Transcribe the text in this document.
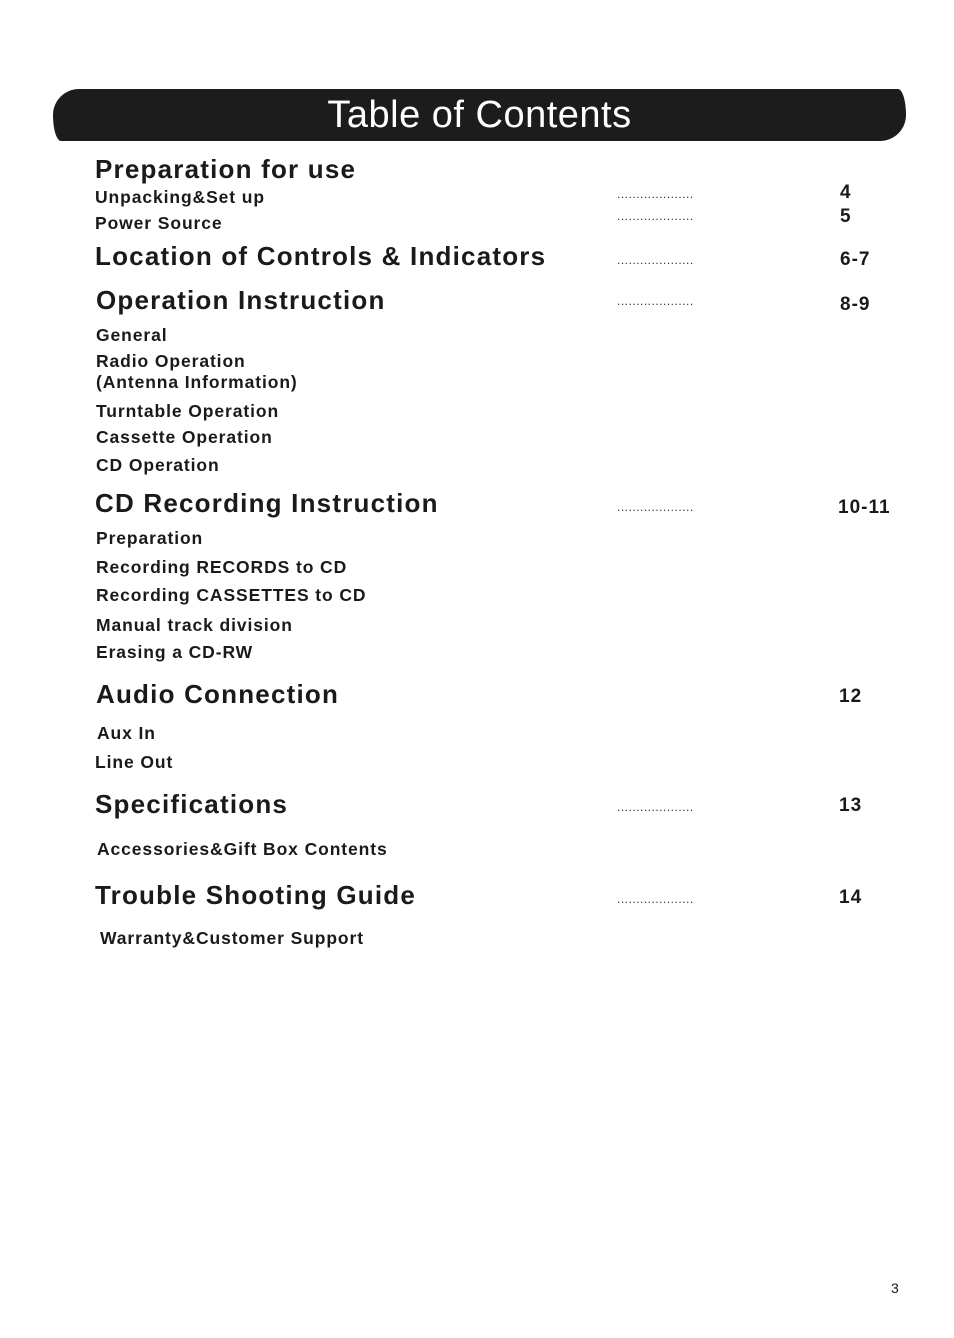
Table of Contents
Preparation for use
Unpacking&Set up	....................	4
Power Source	....................	5
Location of Controls & Indicators	....................	6-7
Operation Instruction	....................	8-9
General
Radio Operation
(Antenna Information)
Turntable Operation
Cassette Operation
CD Operation
CD Recording Instruction	....................	10-11
Preparation
Recording RECORDS to CD
Recording CASSETTES to CD
Manual track division
Erasing a CD-RW
Audio Connection	12
Aux In
Line Out
Specifications	....................	13
Accessories&Gift Box Contents
Trouble Shooting Guide	....................	14
Warranty&Customer Support
3
